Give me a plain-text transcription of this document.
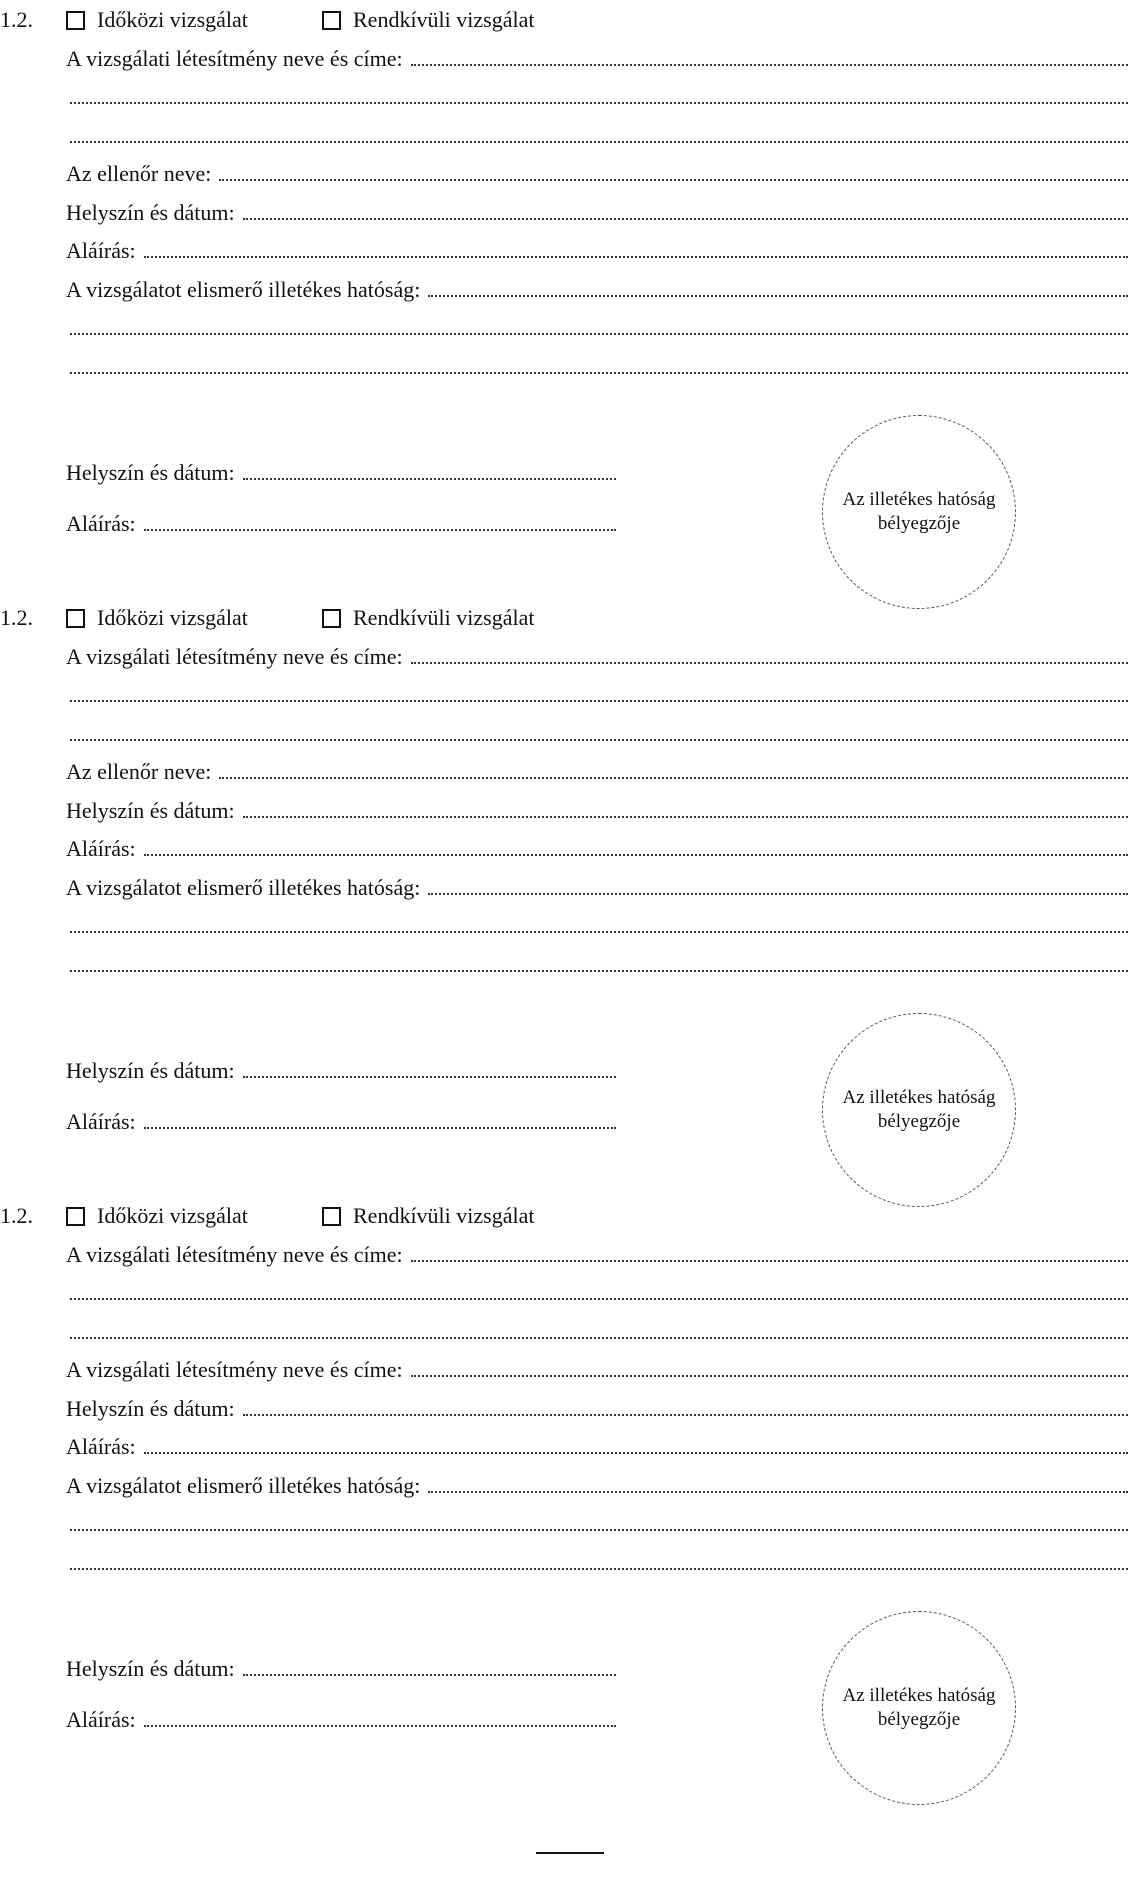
1.2.	Időközi vizsgálat	Rendkívüli vizsgálat
A vizsgálati létesítmény neve és címe:
Az ellenőr neve:
Helyszín és dátum:
Aláírás:
A vizsgálatot elismerő illetékes hatóság:
Helyszín és dátum:
Aláírás:
Az illetékes hatóság
bélyegzője
1.2.	Időközi vizsgálat	Rendkívüli vizsgálat
A vizsgálati létesítmény neve és címe:
Az ellenőr neve:
Helyszín és dátum:
Aláírás:
A vizsgálatot elismerő illetékes hatóság:
Helyszín és dátum:
Aláírás:
Az illetékes hatóság
bélyegzője
1.2.	Időközi vizsgálat	Rendkívüli vizsgálat
A vizsgálati létesítmény neve és címe:
A vizsgálati létesítmény neve és címe:
Helyszín és dátum:
Aláírás:
A vizsgálatot elismerő illetékes hatóság:
Helyszín és dátum:
Aláírás:
Az illetékes hatóság
bélyegzője
